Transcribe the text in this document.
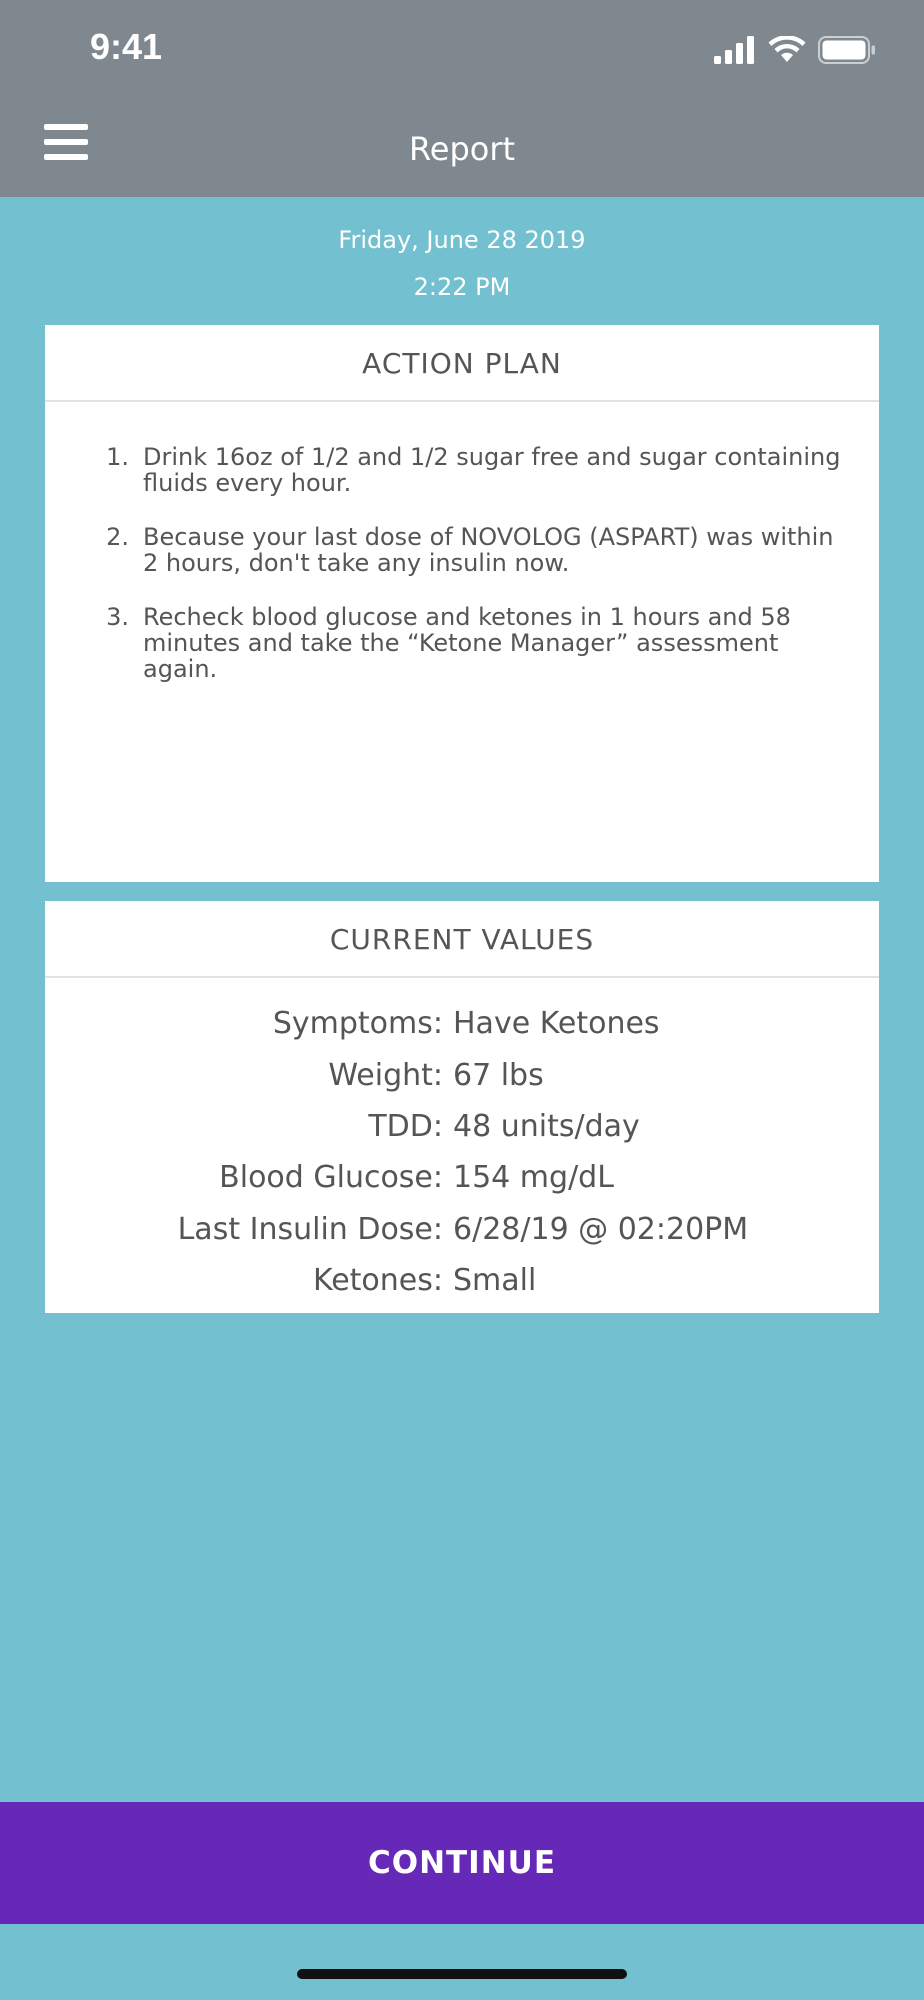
9:41
Report
Friday, June 28 2019
2:22 PM
ACTION PLAN
1. Drink 16oz of 1/2 and 1/2 sugar free and sugar containing fluids every hour.
2. Because your last dose of NOVOLOG (ASPART) was within 2 hours, don't take any insulin now.
3. Recheck blood glucose and ketones in 1 hours and 58 minutes and take the “Ketone Manager” assessment again.
CURRENT VALUES
Symptoms: Have Ketones
Weight: 67 lbs
TDD: 48 units/day
Blood Glucose: 154 mg/dL
Last Insulin Dose: 6/28/19 @ 02:20PM
Ketones: Small
CONTINUE
